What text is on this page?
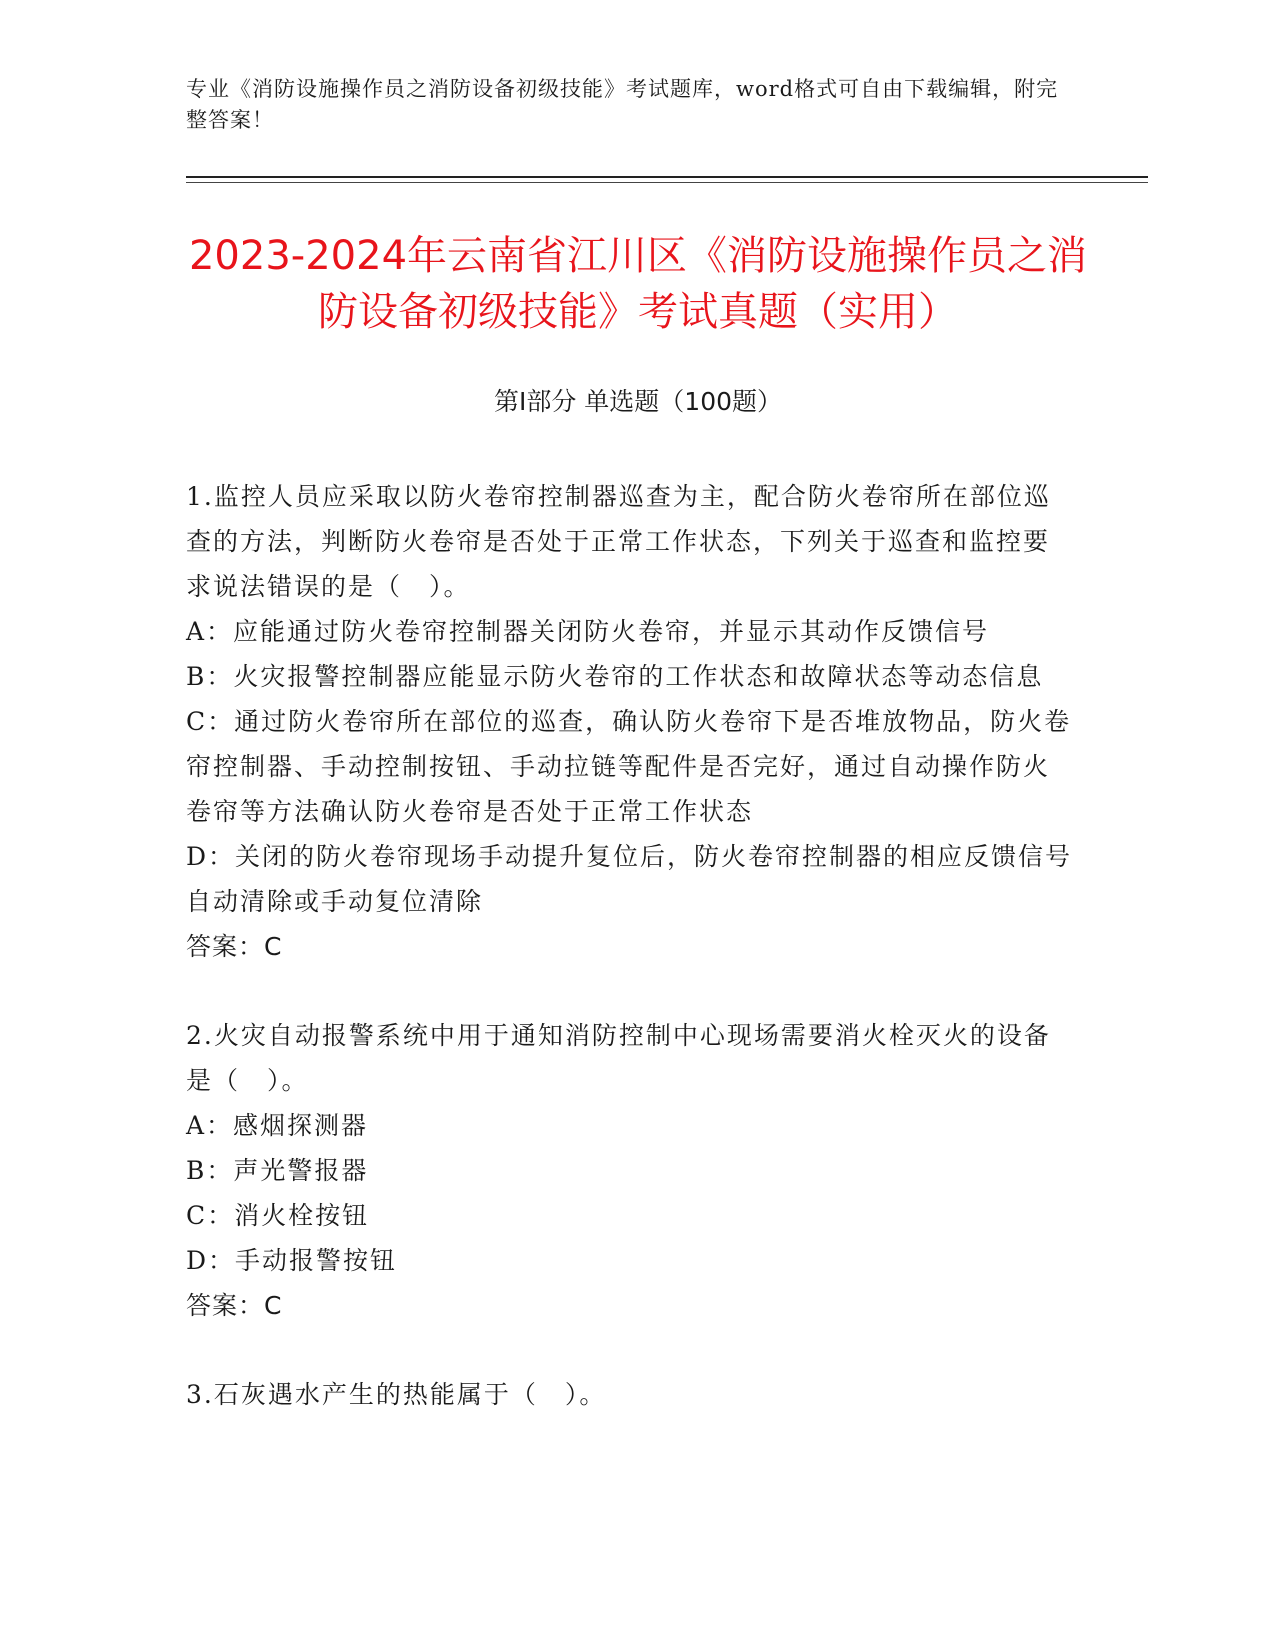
专业《消防设施操作员之消防设备初级技能》考试题库，word格式可自由下载编辑，附完整答案！
2023-2024年云南省江川区《消防设施操作员之消防设备初级技能》考试真题（实用）
第Ⅰ部分 单选题（100题）
1.监控人员应采取以防火卷帘控制器巡查为主，配合防火卷帘所在部位巡查的方法，判断防火卷帘是否处于正常工作状态，下列关于巡查和监控要求说法错误的是（　）。
A：应能通过防火卷帘控制器关闭防火卷帘，并显示其动作反馈信号
B：火灾报警控制器应能显示防火卷帘的工作状态和故障状态等动态信息
C：通过防火卷帘所在部位的巡查，确认防火卷帘下是否堆放物品，防火卷帘控制器、手动控制按钮、手动拉链等配件是否完好，通过自动操作防火卷帘等方法确认防火卷帘是否处于正常工作状态
D：关闭的防火卷帘现场手动提升复位后，防火卷帘控制器的相应反馈信号自动清除或手动复位清除
答案：C
2.火灾自动报警系统中用于通知消防控制中心现场需要消火栓灭火的设备是（　）。
A：感烟探测器
B：声光警报器
C：消火栓按钮
D：手动报警按钮
答案：C
3.石灰遇水产生的热能属于（　）。
